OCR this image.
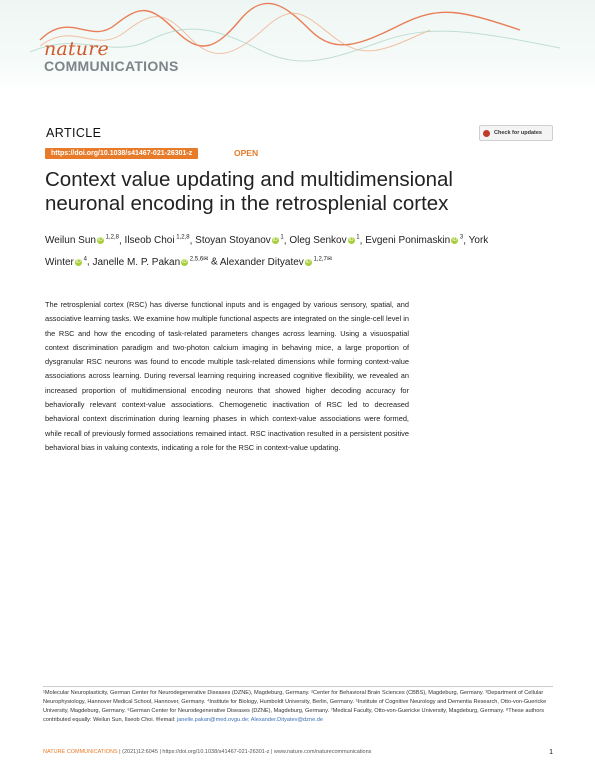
nature
COMMUNICATIONS
ARTICLE	Check for updates
https://doi.org/10.1038/s41467-021-26301-z	OPEN
Context value updating and multidimensional neuronal encoding in the retrosplenial cortex
Weilun Sun iD $^{1,2,8}$, Ilseob Choi $^{1,2,8}$, Stoyan Stoyanov iD $^1$, Oleg Senkov iD $^1$, Evgeni Ponimaskin iD $^3$, York Winter iD $^4$, Janelle M. P. Pakan iD $^{2,5,6✉}$ & Alexander Dityatev iD $^{1,2,7✉}$
The retrosplenial cortex (RSC) has diverse functional inputs and is engaged by various sensory, spatial, and associative learning tasks. We examine how multiple functional aspects are integrated on the single-cell level in the RSC and how the encoding of task-related parameters changes across learning. Using a visuospatial context discrimination paradigm and two-photon calcium imaging in behaving mice, a large proportion of dysgranular RSC neurons was found to encode multiple task-related dimensions while forming context-value associations across learning. During reversal learning requiring increased cognitive flexibility, we revealed an increased proportion of multidimensional encoding neurons that showed higher decoding accuracy for behaviorally relevant context-value associations. Chemogenetic inactivation of RSC led to decreased behavioral context discrimination during learning phases in which context-value associations were formed, while recall of previously formed associations remained intact. RSC inactivation resulted in a persistent positive behavioral bias in valuing contexts, indicating a role for the RSC in context-value updating.
¹Molecular Neuroplasticity, German Center for Neurodegenerative Diseases (DZNE), Magdeburg, Germany. ²Center for Behavioral Brain Sciences (CBBS), Magdeburg, Germany. ³Department of Cellular Neurophysiology, Hannover Medical School, Hannover, Germany. ⁴Institute for Biology, Humboldt University, Berlin, Germany. ⁵Institute of Cognitive Neurology and Dementia Research, Otto-von-Guericke University, Magdeburg, Germany. ⁶German Center for Neurodegenerative Diseases (DZNE), Magdeburg, Germany. ⁷Medical Faculty, Otto-von-Guericke University, Magdeburg, Germany. ⁸These authors contributed equally: Weilun Sun, Ilseob Choi. ✉email: janelle.pakan@med.ovgu.de; Alexander.Dityatev@dzne.de
NATURE COMMUNICATIONS | (2021)12:6045 | https://doi.org/10.1038/s41467-021-26301-z | www.nature.com/naturecommunications	1
